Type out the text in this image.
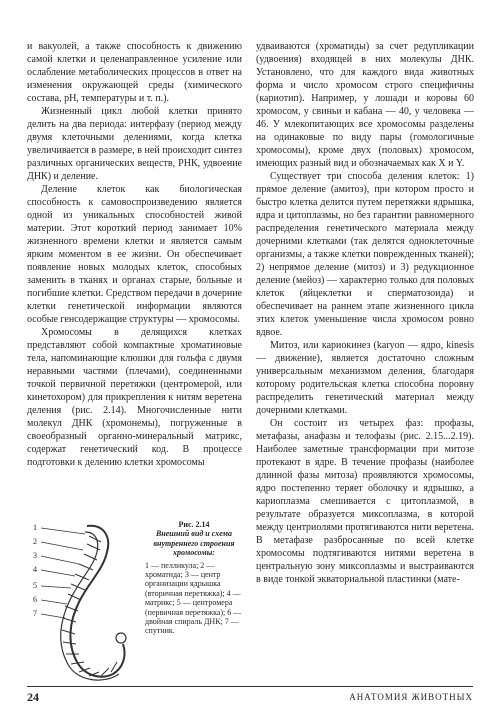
и вакуолей, а также способность к движению самой клетки и целенаправленное усиление или ослабление метаболических процессов в ответ на изменения окружающей среды (химического состава, рН, температуры и т. п.).

Жизненный цикл любой клетки принято делить на два периода: интерфазу (период между двумя клеточными делениями, когда клетка увеличивается в размере, в ней происходит синтез различных органических веществ, РНК, удвоение ДНК) и деление.

Деление клеток как биологическая способность к самовоспроизведению является одной из уникальных способностей живой материи. Этот короткий период занимает 10% жизненного времени клетки и является самым ярким моментом в ее жизни. Он обеспечивает появление новых молодых клеток, способных заменить в тканях и органах старые, больные и погибшие клетки. Средством передачи в дочерние клетки генетической информации являются особые генсодержащие структуры — хромосомы.

Хромосомы в делящихся клетках представляют собой компактные хроматиновые тела, напоминающие клюшки для гольфа с двумя неравными частями (плечами), соединенными точкой первичной перетяжки (центромерой, или кинетохором) для прикрепления к нитям веретена деления (рис. 2.14). Многочисленные нити молекул ДНК (хромонемы), погруженные в своеобразный органно-минеральный матрикс, содержат генетический код. В процессе подготовки к делению клетки хромосомы

удваиваются (хроматиды) за счет редупликации (удвоения) входящей в них молекулы ДНК. Установлено, что для каждого вида животных форма и число хромосом строго специфичны (кариотип). Например, у лошади и коровы 60 хромосом, у свиньи и кабана — 40, у человека — 46. У млекопитающих все хромосомы разделены на одинаковые по виду пары (гомологичные хромосомы), кроме двух (половых) хромосом, имеющих разный вид и обозначаемых как X и Y.

Существует три способа деления клеток: 1) прямое деление (амитоз), при котором просто и быстро клетка делится путем перетяжки ядрышка, ядра и цитоплазмы, но без гарантии равномерного распределения генетического материала между дочерними клетками (так делятся одноклеточные организмы, а также клетки поврежденных тканей); 2) непрямое деление (митоз) и 3) редукционное деление (мейоз) — характерно только для половых клеток (яйцеклетки и сперматозоида) и обеспечивает на раннем этапе жизненного цикла этих клеток уменьшение числа хромосом ровно вдвое.

Митоз, или кариокинез (karyon — ядро, kinesis — движение), является достаточно сложным универсальным механизмом деления, благодаря которому родительская клетка способна поровну распределить генетический материал между дочерними клетками.

Он состоит из четырех фаз: профазы, метафазы, анафазы и телофазы (рис. 2.15...2.19). Наиболее заметные трансформации при митозе протекают в ядре. В течение профазы (наиболее длинной фазы митоза) проявляются хромосомы, ядро постепенно теряет оболочку и ядрышко, а кариоплазма смешивается с цитоплазмой, в результате образуется миксоплазма, в которой между центриолями протягиваются нити веретена. В метафазе разбросанные по всей клетке хромосомы подтягиваются нитями веретена в центральную зону миксоплазмы и выстраиваются в виде тонкой экваториальной пластинки (мате-

1
2
3
4
5
6
7
Рис. 2.14
Внешний вид и схема внутреннего строения хромосомы:
1 — пелликула; 2 — хроматида; 3 — центр организации ядрышка (вторичная перетяжка); 4 — матрикс; 5 — центромера (первичная перетяжка); 6 — двойная спираль ДНК; 7 — спутник.
24	АНАТОМИЯ ЖИВОТНЫХ
